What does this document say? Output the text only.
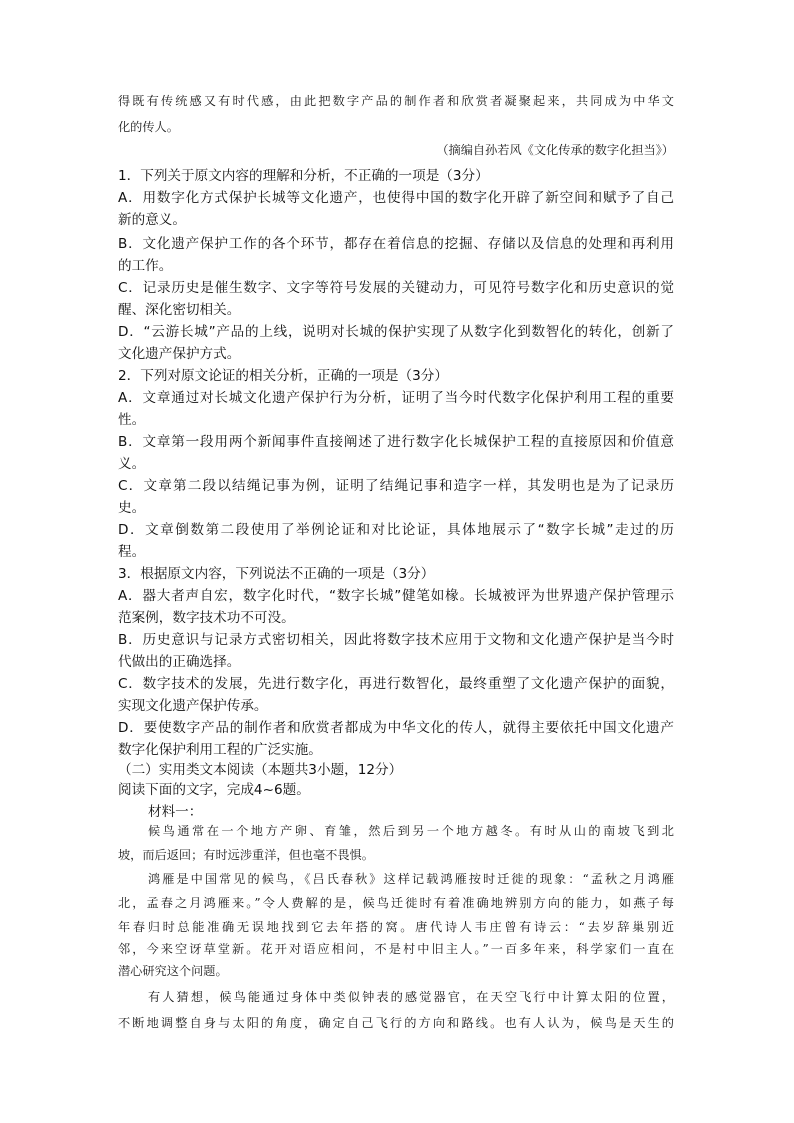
得既有传统感又有时代感，由此把数字产品的制作者和欣赏者凝聚起来，共同成为中华文
化的传人。
（摘编自孙若风《文化传承的数字化担当》）
1．下列关于原文内容的理解和分析，不正确的一项是（3分）
A．用数字化方式保护长城等文化遗产，也使得中国的数字化开辟了新空间和赋予了自己
新的意义。
B．文化遗产保护工作的各个环节，都存在着信息的挖掘、存储以及信息的处理和再利用
的工作。
C．记录历史是催生数字、文字等符号发展的关键动力，可见符号数字化和历史意识的觉
醒、深化密切相关。
D．“云游长城”产品的上线，说明对长城的保护实现了从数字化到数智化的转化，创新了
文化遗产保护方式。
2．下列对原文论证的相关分析，正确的一项是（3分）
A．文章通过对长城文化遗产保护行为分析，证明了当今时代数字化保护利用工程的重要
性。
B．文章第一段用两个新闻事件直接阐述了进行数字化长城保护工程的直接原因和价值意
义。
C．文章第二段以结绳记事为例，证明了结绳记事和造字一样，其发明也是为了记录历
史。
D．文章倒数第二段使用了举例论证和对比论证，具体地展示了“数字长城”走过的历
程。
3．根据原文内容，下列说法不正确的一项是（3分）
A．器大者声自宏，数字化时代，“数字长城”健笔如椽。长城被评为世界遗产保护管理示
范案例，数字技术功不可没。
B．历史意识与记录方式密切相关，因此将数字技术应用于文物和文化遗产保护是当今时
代做出的正确选择。
C．数字技术的发展，先进行数字化，再进行数智化，最终重塑了文化遗产保护的面貌，
实现文化遗产保护传承。
D．要使数字产品的制作者和欣赏者都成为中华文化的传人，就得主要依托中国文化遗产
数字化保护利用工程的广泛实施。
（二）实用类文本阅读（本题共3小题，12分）
阅读下面的文字，完成4~6题。
材料一：
候鸟通常在一个地方产卵、育雏，然后到另一个地方越冬。有时从山的南坡飞到北
坡，而后返回；有时远涉重洋，但也毫不畏惧。
鸿雁是中国常见的候鸟，《吕氏春秋》这样记载鸿雁按时迁徙的现象：“孟秋之月鸿雁
北，孟春之月鸿雁来。”令人费解的是，候鸟迁徙时有着准确地辨别方向的能力，如燕子每
年春归时总能准确无误地找到它去年搭的窝。唐代诗人韦庄曾有诗云：“去岁辞巢别近
邻，今来空讶草堂新。花开对语应相问，不是村中旧主人。”一百多年来，科学家们一直在
潜心研究这个问题。
有人猜想，候鸟能通过身体中类似钟表的感觉器官，在天空飞行中计算太阳的位置，
不断地调整自身与太阳的角度，确定自己飞行的方向和路线。也有人认为，候鸟是天生的
